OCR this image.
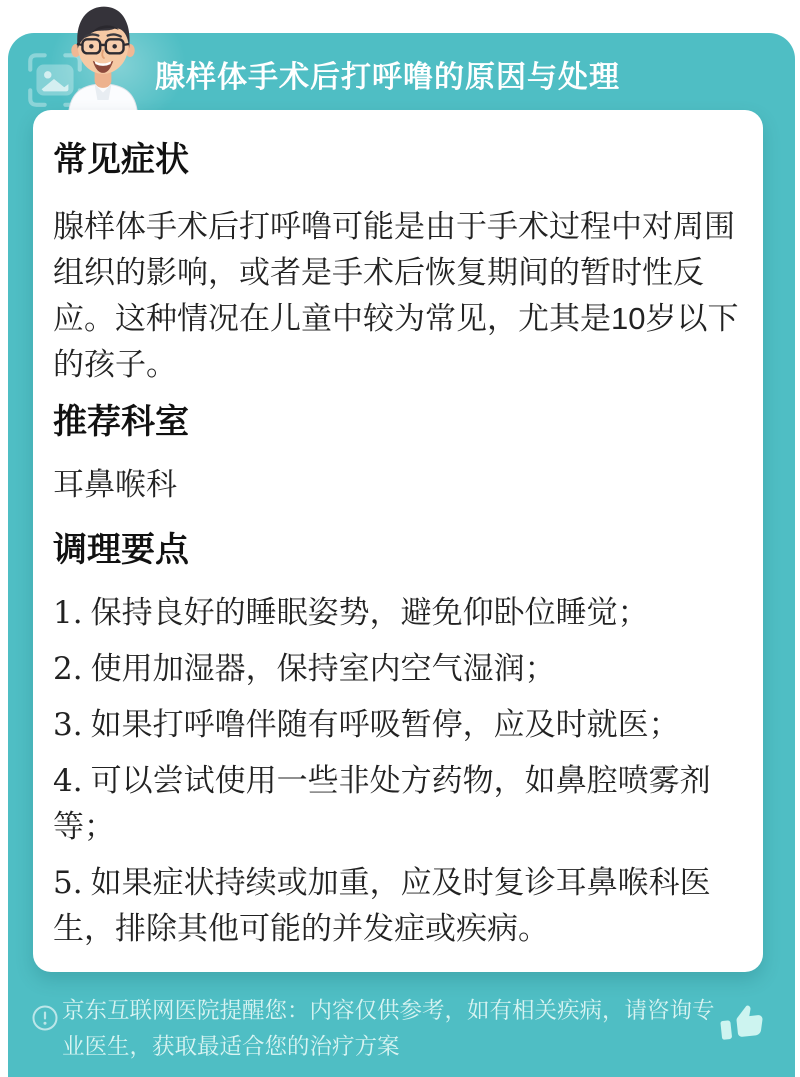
腺样体手术后打呼噜的原因与处理
常见症状

腺样体手术后打呼噜可能是由于手术过程中对周围组织的影响，或者是手术后恢复期间的暂时性反应。这种情况在儿童中较为常见，尤其是10岁以下的孩子。

推荐科室

耳鼻喉科

调理要点
1. 保持良好的睡眠姿势，避免仰卧位睡觉；
2. 使用加湿器，保持室内空气湿润；
3. 如果打呼噜伴随有呼吸暂停，应及时就医；
4. 可以尝试使用一些非处方药物，如鼻腔喷雾剂等；
5. 如果症状持续或加重，应及时复诊耳鼻喉科医生，排除其他可能的并发症或疾病。
京东互联网医院提醒您：内容仅供参考，如有相关疾病，请咨询专业医生，获取最适合您的治疗方案
